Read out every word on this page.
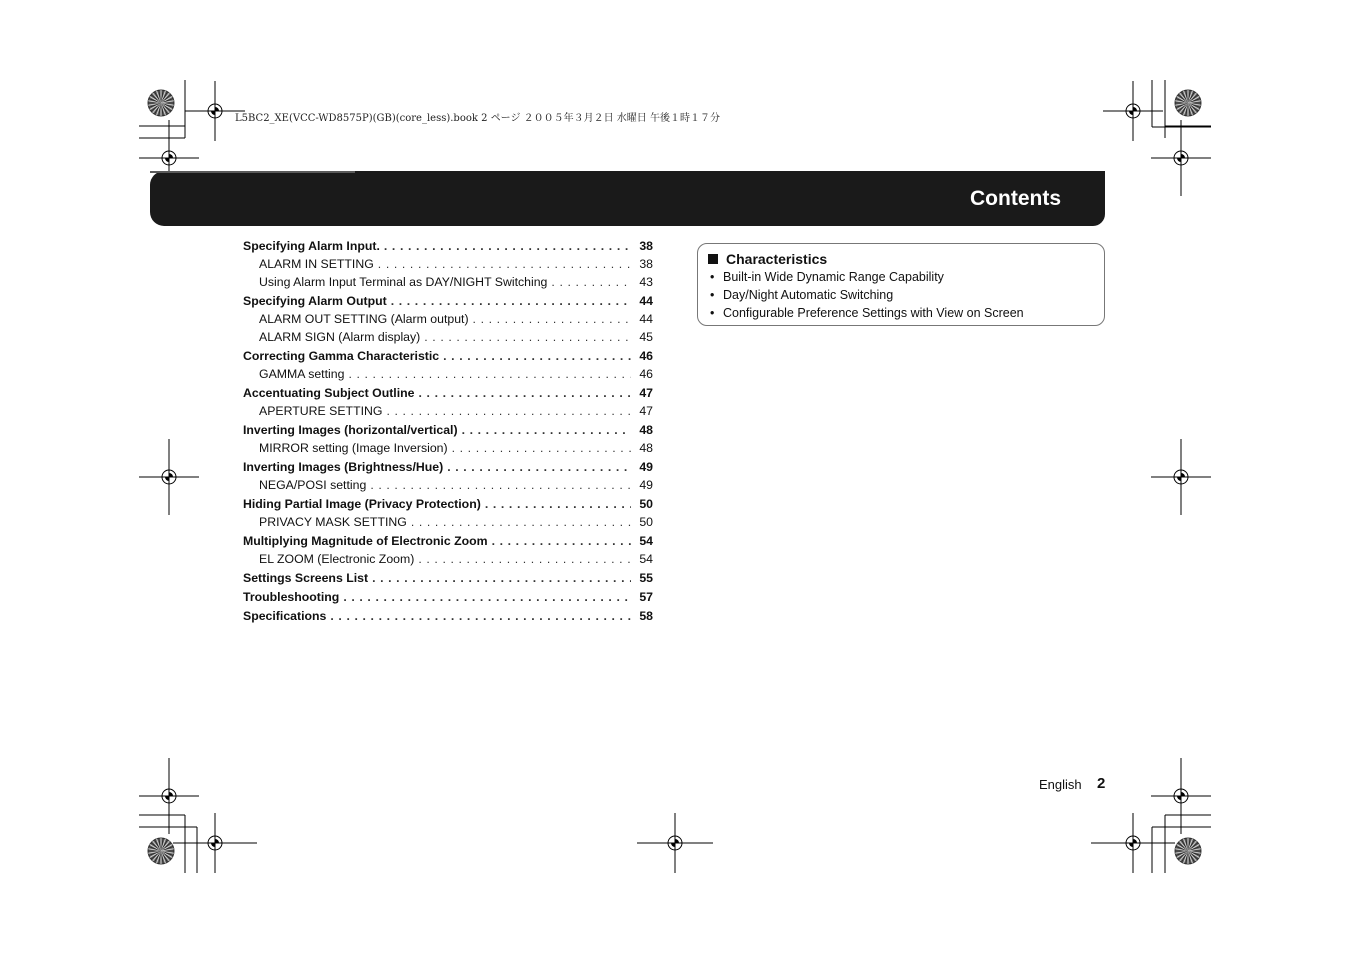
L5BC2_XE(VCC-WD8575P)(GB)(core_less).book 2 ページ ２００５年３月２日 水曜日 午後１時１７分
Contents
Specifying Alarm Input. . . .	38
ALARM IN SETTING . . .	38
Using Alarm Input Terminal as DAY/NIGHT Switching . . .	43
Specifying Alarm Output . . .	44
ALARM OUT SETTING (Alarm output) . . .	44
ALARM SIGN (Alarm display) . . .	45
Correcting Gamma Characteristic . . .	46
GAMMA setting . . .	46
Accentuating Subject Outline . . .	47
APERTURE SETTING . . .	47
Inverting Images (horizontal/vertical) . . .	48
MIRROR setting (Image Inversion) . . .	48
Inverting Images (Brightness/Hue) . . .	49
NEGA/POSI setting . . .	49
Hiding Partial Image (Privacy Protection) . . .	50
PRIVACY MASK SETTING . . .	50
Multiplying Magnitude of Electronic Zoom . . .	54
EL ZOOM (Electronic Zoom) . . .	54
Settings Screens List . . .	55
Troubleshooting . . .	57
Specifications . . .	58
Characteristics
• Built-in Wide Dynamic Range Capability
• Day/Night Automatic Switching
• Configurable Preference Settings with View on Screen
English 2
